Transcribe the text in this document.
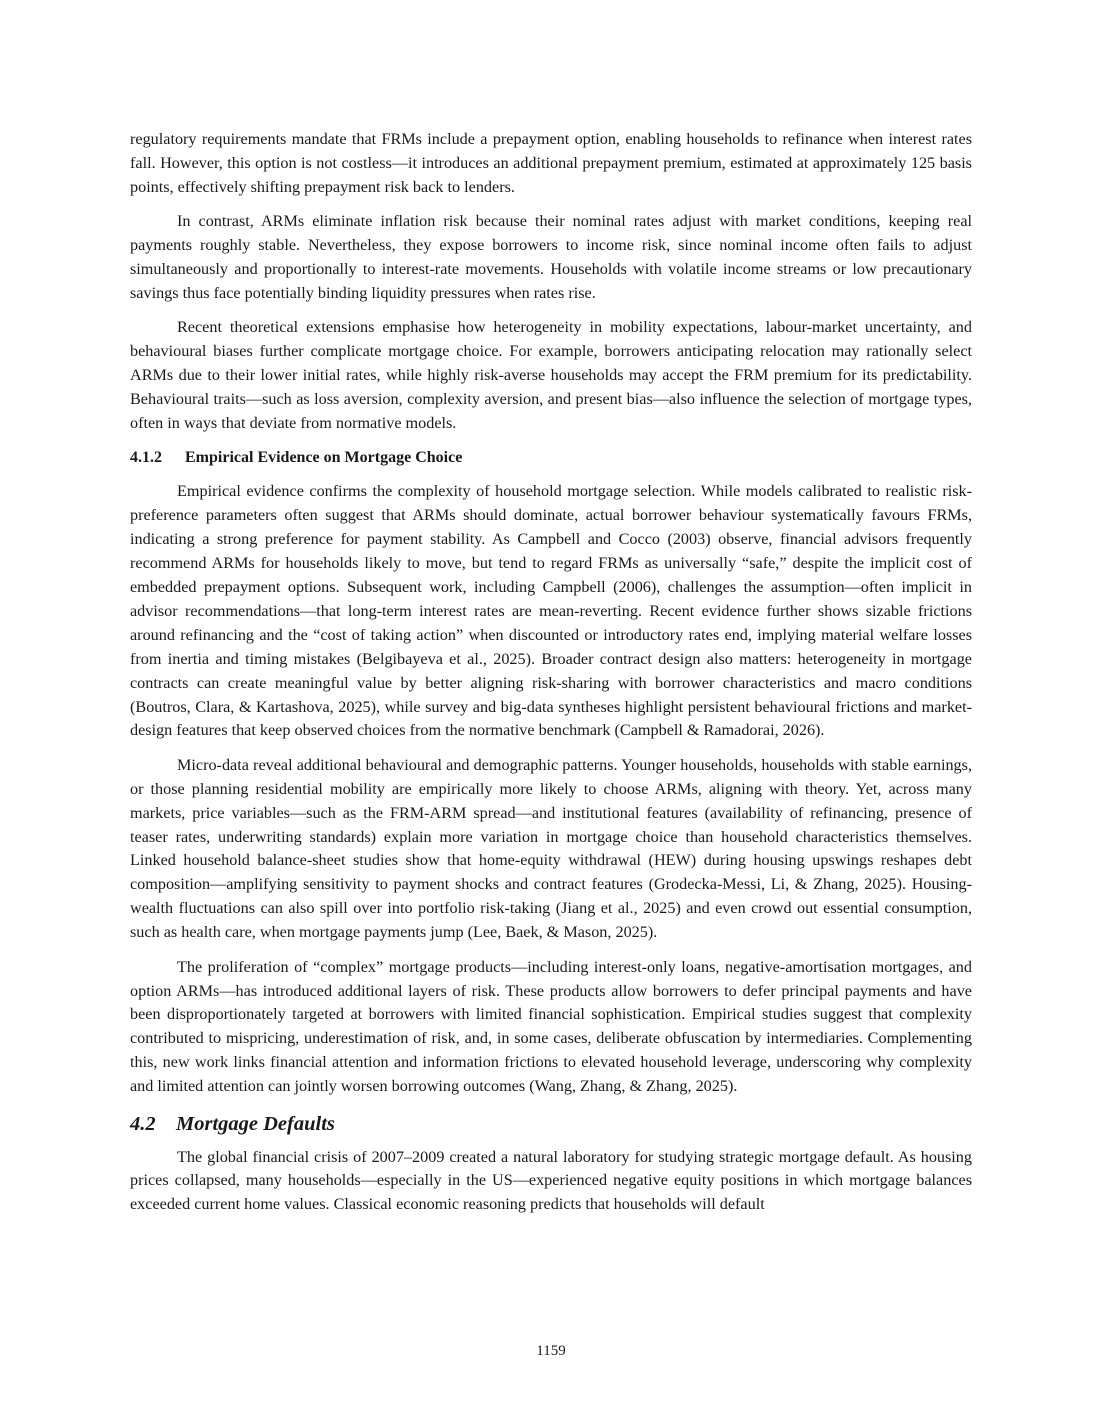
regulatory requirements mandate that FRMs include a prepayment option, enabling households to refinance when interest rates fall. However, this option is not costless—it introduces an additional prepayment premium, estimated at approximately 125 basis points, effectively shifting prepayment risk back to lenders.

In contrast, ARMs eliminate inflation risk because their nominal rates adjust with market conditions, keeping real payments roughly stable. Nevertheless, they expose borrowers to income risk, since nominal income often fails to adjust simultaneously and proportionally to interest-rate movements. Households with volatile income streams or low precautionary savings thus face potentially binding liquidity pressures when rates rise.

Recent theoretical extensions emphasise how heterogeneity in mobility expectations, labour-market uncertainty, and behavioural biases further complicate mortgage choice. For example, borrowers anticipating relocation may rationally select ARMs due to their lower initial rates, while highly risk-averse households may accept the FRM premium for its predictability. Behavioural traits—such as loss aversion, complexity aversion, and present bias—also influence the selection of mortgage types, often in ways that deviate from normative models.

4.1.2 Empirical Evidence on Mortgage Choice

Empirical evidence confirms the complexity of household mortgage selection. While models calibrated to realistic risk-preference parameters often suggest that ARMs should dominate, actual borrower behaviour systematically favours FRMs, indicating a strong preference for payment stability. As Campbell and Cocco (2003) observe, financial advisors frequently recommend ARMs for households likely to move, but tend to regard FRMs as universally “safe,” despite the implicit cost of embedded prepayment options. Subsequent work, including Campbell (2006), challenges the assumption—often implicit in advisor recommendations—that long-term interest rates are mean-reverting. Recent evidence further shows sizable frictions around refinancing and the “cost of taking action” when discounted or introductory rates end, implying material welfare losses from inertia and timing mistakes (Belgibayeva et al., 2025). Broader contract design also matters: heterogeneity in mortgage contracts can create meaningful value by better aligning risk-sharing with borrower characteristics and macro conditions (Boutros, Clara, & Kartashova, 2025), while survey and big-data syntheses highlight persistent behavioural frictions and market-design features that keep observed choices from the normative benchmark (Campbell & Ramadorai, 2026).

Micro-data reveal additional behavioural and demographic patterns. Younger households, households with stable earnings, or those planning residential mobility are empirically more likely to choose ARMs, aligning with theory. Yet, across many markets, price variables—such as the FRM-ARM spread—and institutional features (availability of refinancing, presence of teaser rates, underwriting standards) explain more variation in mortgage choice than household characteristics themselves. Linked household balance-sheet studies show that home-equity withdrawal (HEW) during housing upswings reshapes debt composition—amplifying sensitivity to payment shocks and contract features (Grodecka-Messi, Li, & Zhang, 2025). Housing-wealth fluctuations can also spill over into portfolio risk-taking (Jiang et al., 2025) and even crowd out essential consumption, such as health care, when mortgage payments jump (Lee, Baek, & Mason, 2025).

The proliferation of “complex” mortgage products—including interest-only loans, negative-amortisation mortgages, and option ARMs—has introduced additional layers of risk. These products allow borrowers to defer principal payments and have been disproportionately targeted at borrowers with limited financial sophistication. Empirical studies suggest that complexity contributed to mispricing, underestimation of risk, and, in some cases, deliberate obfuscation by intermediaries. Complementing this, new work links financial attention and information frictions to elevated household leverage, underscoring why complexity and limited attention can jointly worsen borrowing outcomes (Wang, Zhang, & Zhang, 2025).

4.2 Mortgage Defaults

The global financial crisis of 2007–2009 created a natural laboratory for studying strategic mortgage default. As housing prices collapsed, many households—especially in the US—experienced negative equity positions in which mortgage balances exceeded current home values. Classical economic reasoning predicts that households will default

1159
